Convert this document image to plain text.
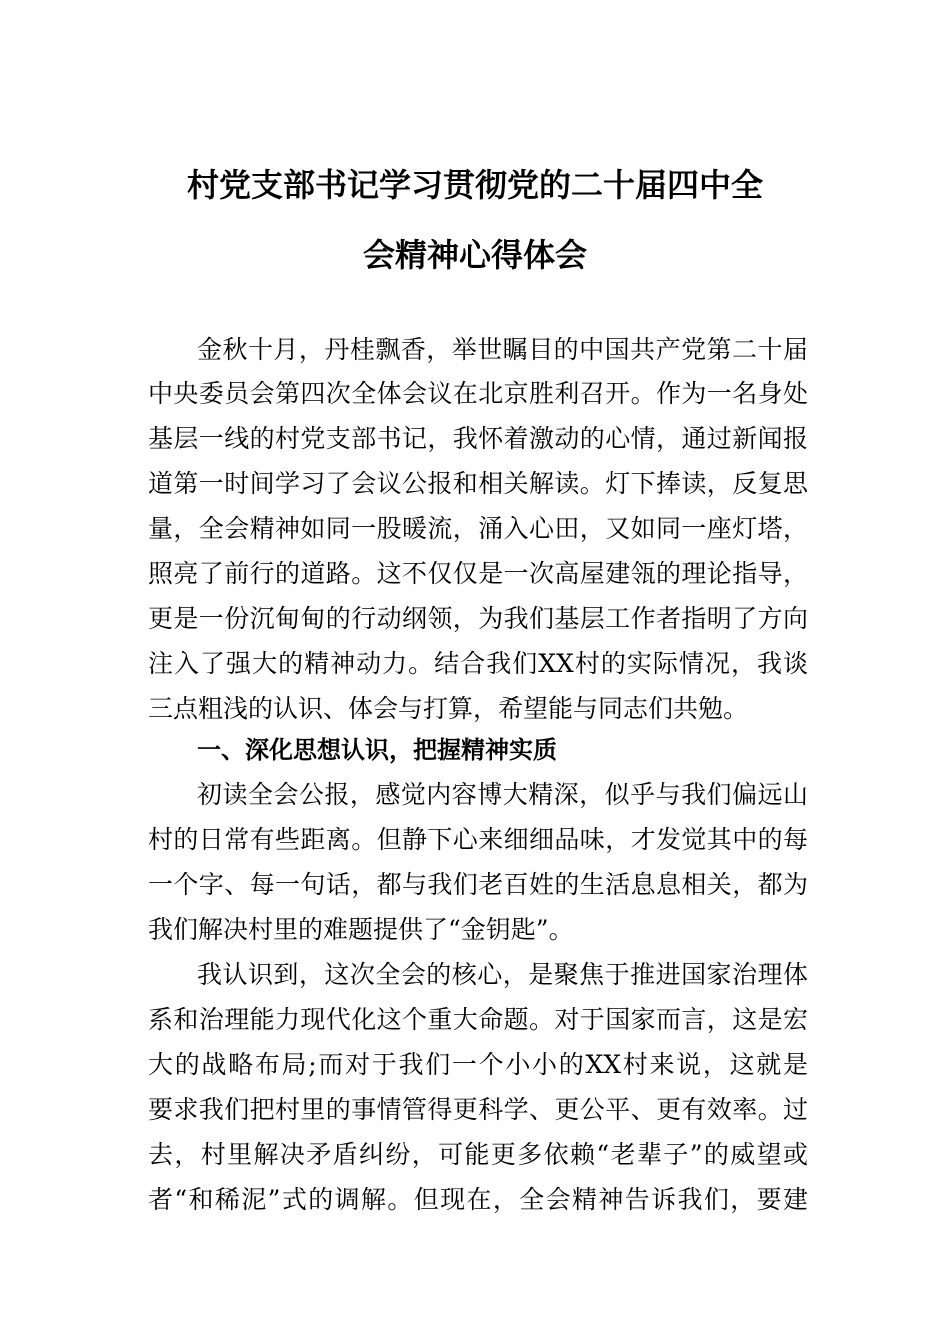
村党支部书记学习贯彻党的二十届四中全
会精神心得体会
金秋十月，丹桂飘香，举世瞩目的中国共产党第二十届
中央委员会第四次全体会议在北京胜利召开。作为一名身处
基层一线的村党支部书记，我怀着激动的心情，通过新闻报
道第一时间学习了会议公报和相关解读。灯下捧读，反复思
量，全会精神如同一股暖流，涌入心田，又如同一座灯塔，
照亮了前行的道路。这不仅仅是一次高屋建瓴的理论指导，
更是一份沉甸甸的行动纲领，为我们基层工作者指明了方向
注入了强大的精神动力。结合我们XX村的实际情况，我谈
三点粗浅的认识、体会与打算，希望能与同志们共勉。
一、深化思想认识，把握精神实质
初读全会公报，感觉内容博大精深，似乎与我们偏远山
村的日常有些距离。但静下心来细细品味，才发觉其中的每
一个字、每一句话，都与我们老百姓的生活息息相关，都为
我们解决村里的难题提供了“金钥匙”。
我认识到，这次全会的核心，是聚焦于推进国家治理体
系和治理能力现代化这个重大命题。对于国家而言，这是宏
大的战略布局;而对于我们一个小小的XX村来说，这就是
要求我们把村里的事情管得更科学、更公平、更有效率。过
去，村里解决矛盾纠纷，可能更多依赖“老辈子”的威望或
者“和稀泥”式的调解。但现在，全会精神告诉我们，要建
